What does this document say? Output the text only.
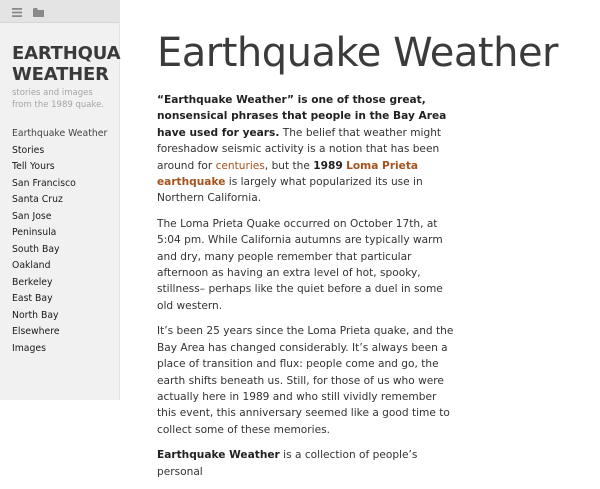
EARTHQUA
WEATHER
stories and images from the 1989 quake.
Earthquake Weather
Stories
Tell Yours
San Francisco
Santa Cruz
San Jose
Peninsula
South Bay
Oakland
Berkeley
East Bay
North Bay
Elsewhere
Images
Earthquake Weather

“Earthquake Weather” is one of those great, nonsensical phrases that people in the Bay Area have used for years. The belief that weather might foreshadow seismic activity is a notion that has been around for centuries, but the 1989 Loma Prieta earthquake is largely what popularized its use in Northern California.

The Loma Prieta Quake occurred on October 17th, at 5:04 pm. While California autumns are typically warm and dry, many people remember that particular afternoon as having an extra level of hot, spooky, stillness– perhaps like the quiet before a duel in some old western.

It’s been 25 years since the Loma Prieta quake, and the Bay Area has changed considerably. It’s always been a place of transition and flux: people come and go, the earth shifts beneath us. Still, for those of us who were actually here in 1989 and who still vividly remember this event, this anniversary seemed like a good time to collect some of these memories.

Earthquake Weather is a collection of people’s personal
